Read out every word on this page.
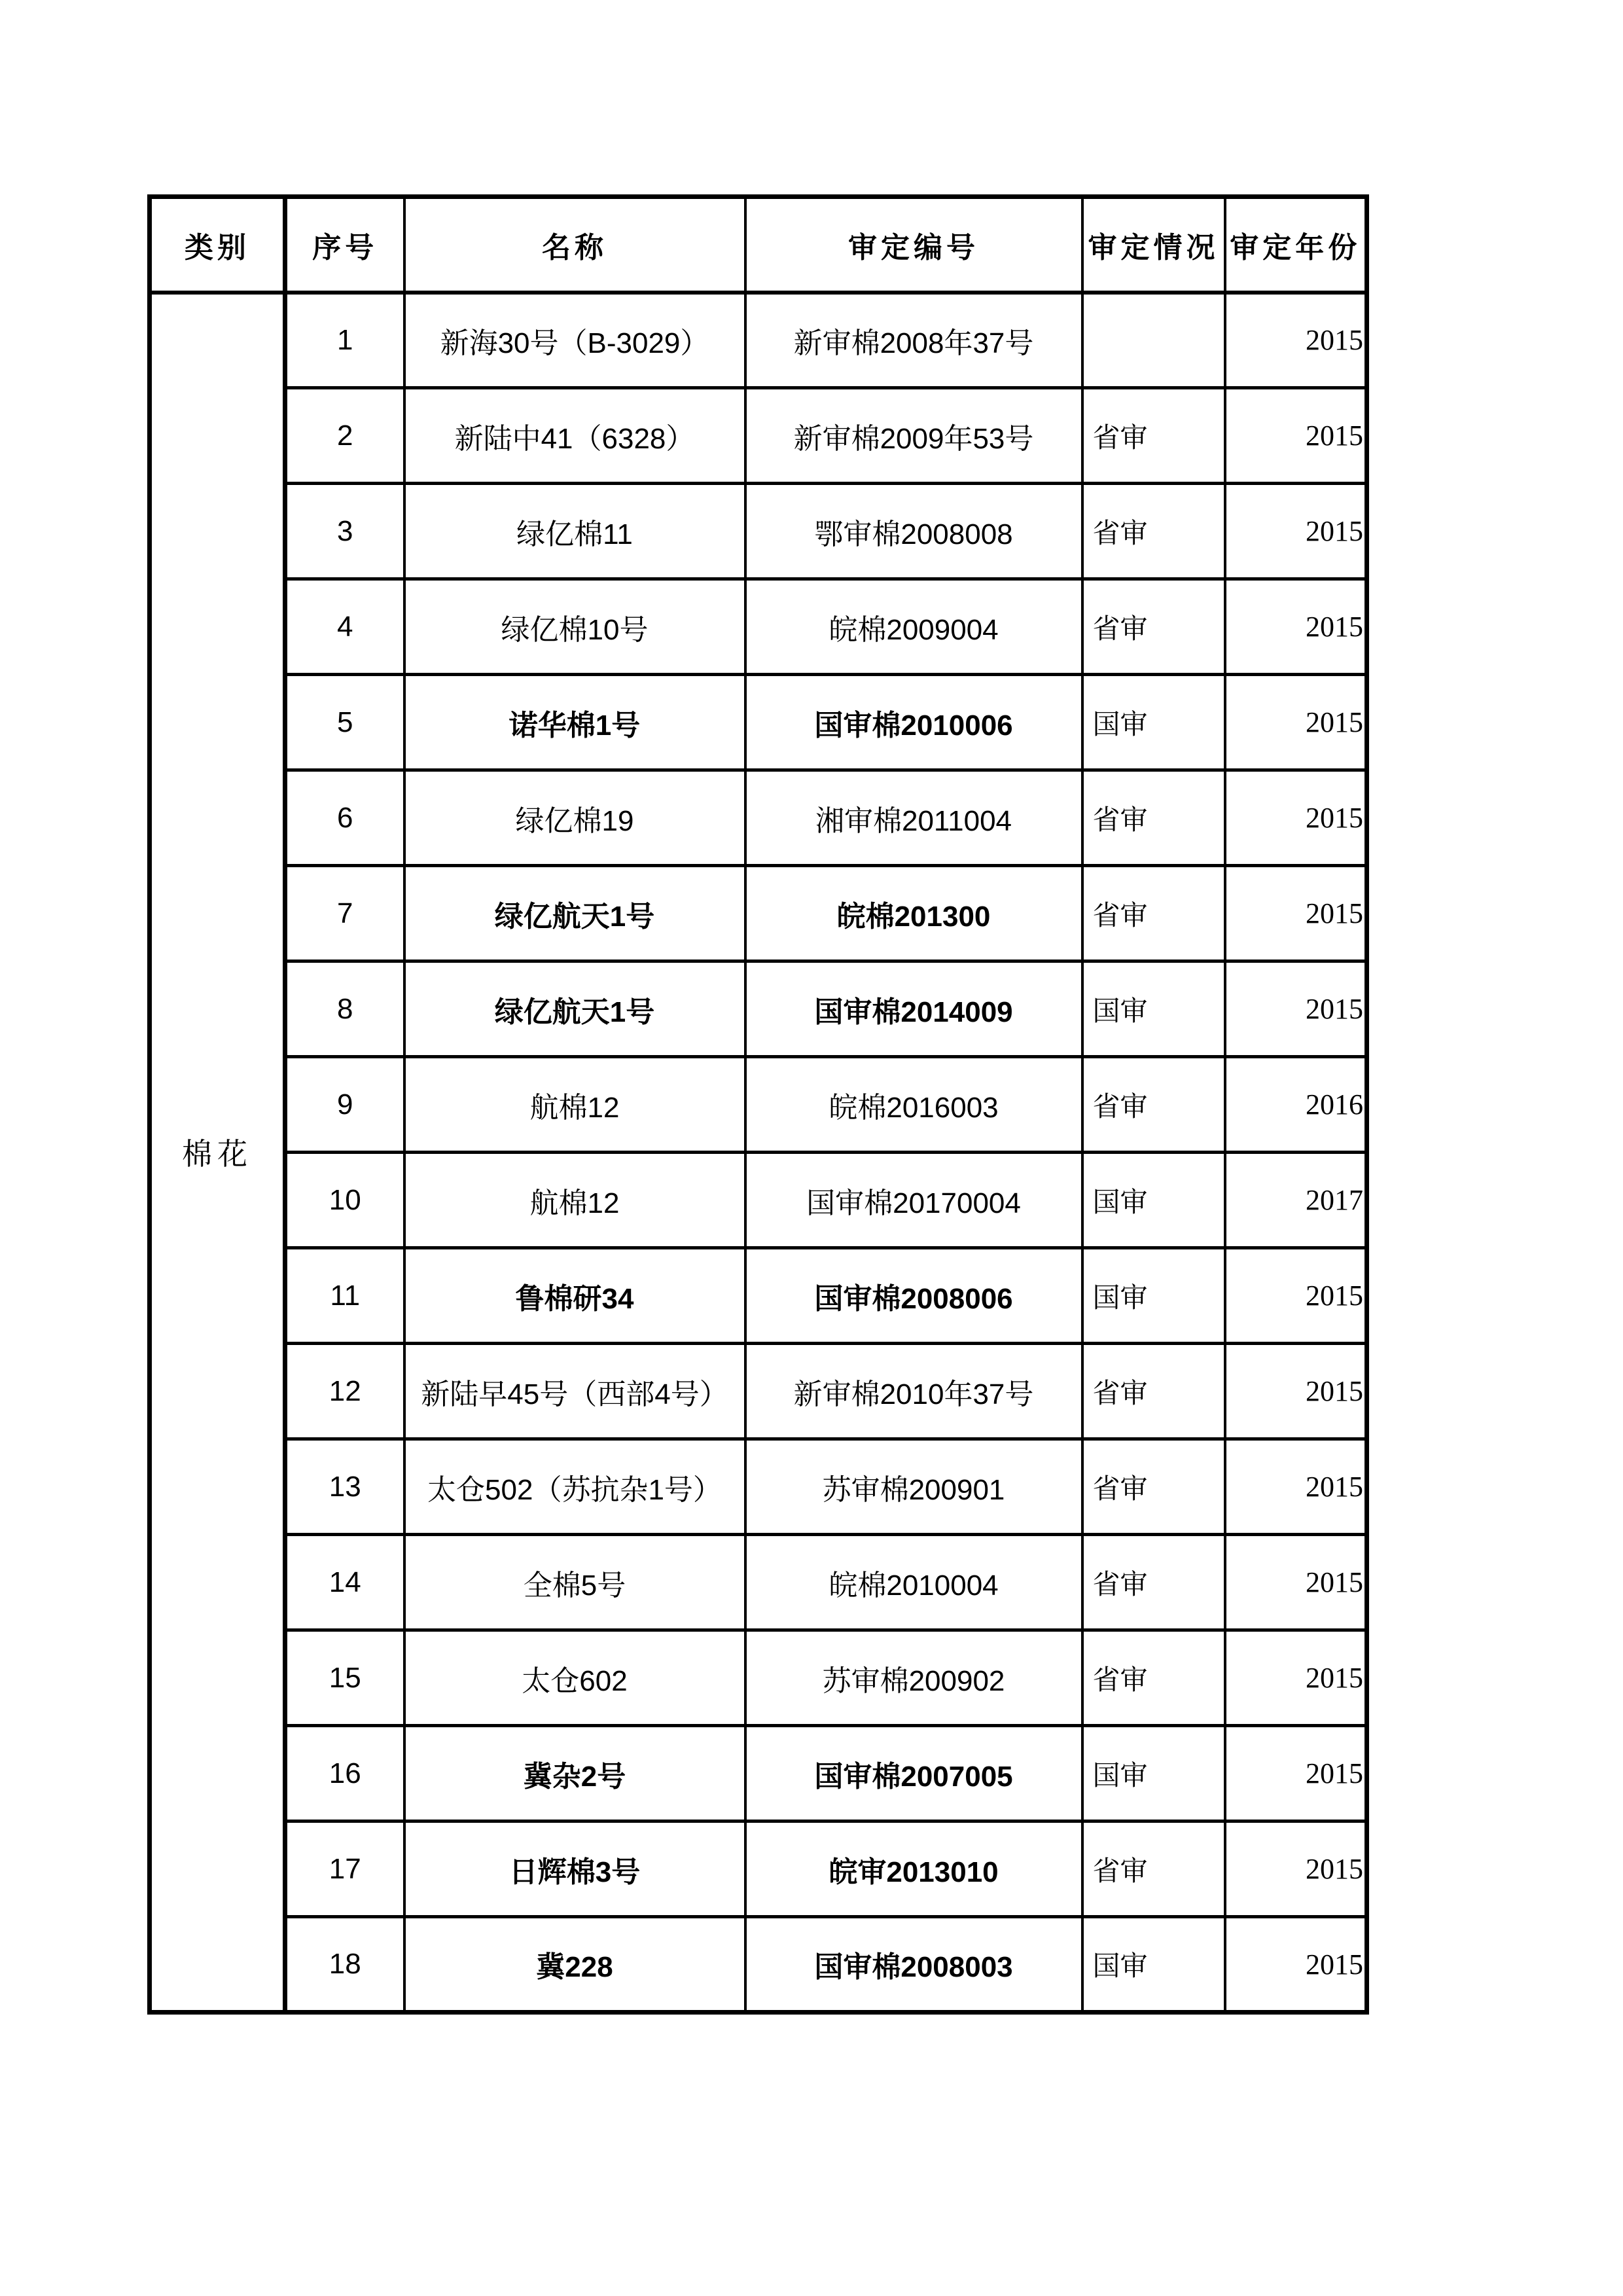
类别	序号	名称	审定编号	审定情况	审定年份
棉花	1	新海30号（B-3029）	新审棉2008年37号		2015
	2	新陆中41（6328）	新审棉2009年53号	省审	2015
	3	绿亿棉11	鄂审棉2008008	省审	2015
	4	绿亿棉10号	皖棉2009004	省审	2015
	5	诺华棉1号	国审棉2010006	国审	2015
	6	绿亿棉19	湘审棉2011004	省审	2015
	7	绿亿航天1号	皖棉201300	省审	2015
	8	绿亿航天1号	国审棉2014009	国审	2015
	9	航棉12	皖棉2016003	省审	2016
	10	航棉12	国审棉20170004	国审	2017
	11	鲁棉研34	国审棉2008006	国审	2015
	12	新陆早45号（西部4号）	新审棉2010年37号	省审	2015
	13	太仓502（苏抗杂1号）	苏审棉200901	省审	2015
	14	全棉5号	皖棉2010004	省审	2015
	15	太仓602	苏审棉200902	省审	2015
	16	冀杂2号	国审棉2007005	国审	2015
	17	日辉棉3号	皖审2013010	省审	2015
	18	冀228	国审棉2008003	国审	2015
